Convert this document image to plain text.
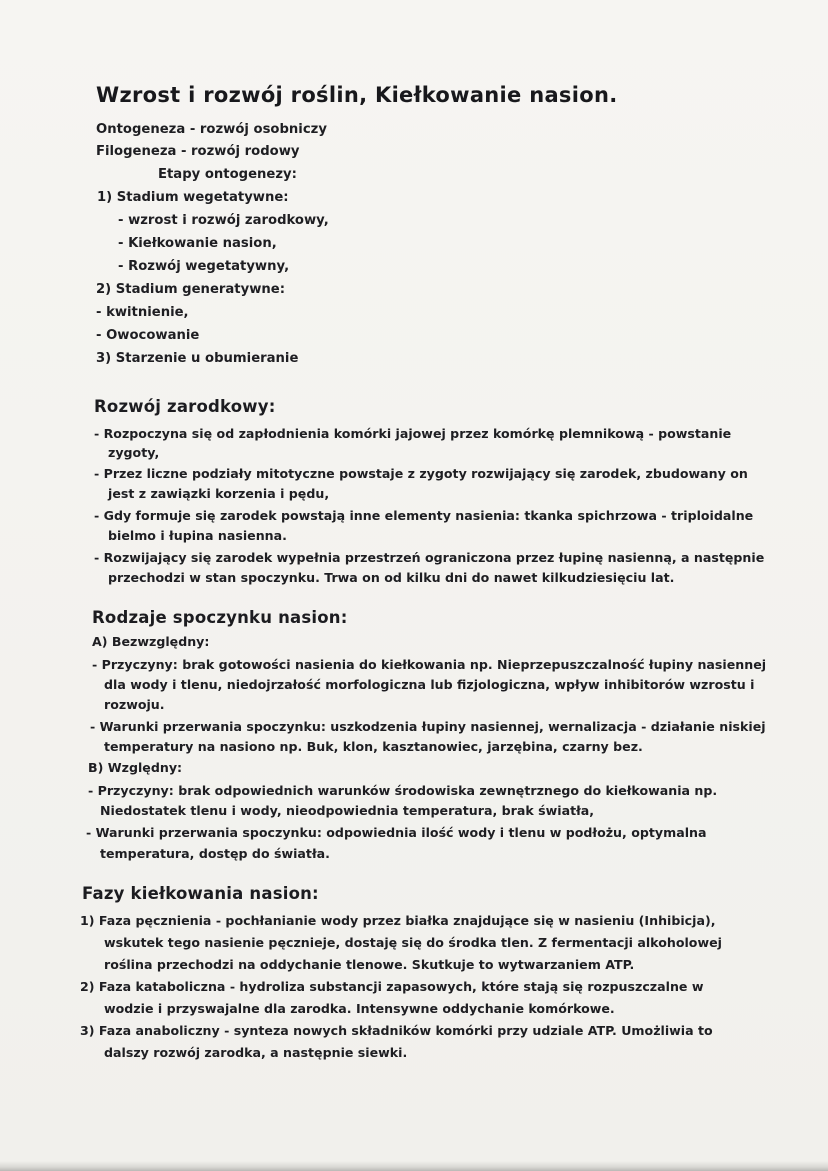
Wzrost i rozwój roślin, Kiełkowanie nasion.
Ontogeneza - rozwój osobniczy
Filogeneza - rozwój rodowy
Etapy ontogenezy:
1) Stadium wegetatywne:
- wzrost i rozwój zarodkowy,
- Kiełkowanie nasion,
- Rozwój wegetatywny,
2) Stadium generatywne:
- kwitnienie,
- Owocowanie
3) Starzenie u obumieranie
Rozwój zarodkowy:
- Rozpoczyna się od zapłodnienia komórki jajowej przez komórkę plemnikową - powstanie
zygoty,
- Przez liczne podziały mitotyczne powstaje z zygoty rozwijający się zarodek, zbudowany on
jest z zawiązki korzenia i pędu,
- Gdy formuje się zarodek powstają inne elementy nasienia: tkanka spichrzowa - triploidalne
bielmo i łupina nasienna.
- Rozwijający się zarodek wypełnia przestrzeń ograniczona przez łupinę nasienną, a następnie
przechodzi w stan spoczynku. Trwa on od kilku dni do nawet kilkudziesięciu lat.
Rodzaje spoczynku nasion:
A) Bezwzględny:
- Przyczyny: brak gotowości nasienia do kiełkowania np. Nieprzepuszczalność łupiny nasiennej
dla wody i tlenu, niedojrzałość morfologiczna lub fizjologiczna, wpływ inhibitorów wzrostu i
rozwoju.
- Warunki przerwania spoczynku: uszkodzenia łupiny nasiennej, wernalizacja - działanie niskiej
temperatury na nasiono np. Buk, klon, kasztanowiec, jarzębina, czarny bez.
B) Względny:
- Przyczyny: brak odpowiednich warunków środowiska zewnętrznego do kiełkowania np.
Niedostatek tlenu i wody, nieodpowiednia temperatura, brak światła,
- Warunki przerwania spoczynku: odpowiednia ilość wody i tlenu w podłożu, optymalna
temperatura, dostęp do światła.
Fazy kiełkowania nasion:
1) Faza pęcznienia - pochłanianie wody przez białka znajdujące się w nasieniu (Inhibicja),
wskutek tego nasienie pęcznieje, dostaję się do środka tlen. Z fermentacji alkoholowej
roślina przechodzi na oddychanie tlenowe. Skutkuje to wytwarzaniem ATP.
2) Faza kataboliczna - hydroliza substancji zapasowych, które stają się rozpuszczalne w
wodzie i przyswajalne dla zarodka. Intensywne oddychanie komórkowe.
3) Faza anaboliczny - synteza nowych składników komórki przy udziale ATP. Umożliwia to
dalszy rozwój zarodka, a następnie siewki.
